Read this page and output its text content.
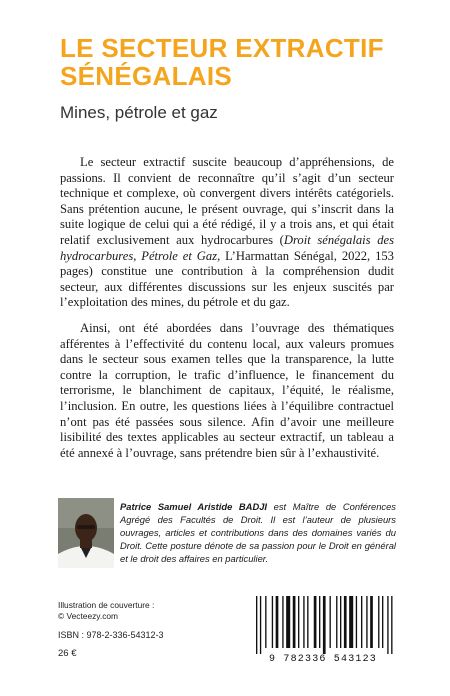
LE SECTEUR EXTRACTIF
SÉNÉGALAIS
Mines, pétrole et gaz

Le secteur extractif suscite beaucoup d’appréhensions, de passions. Il convient de reconnaître qu’il s’agit d’un secteur technique et complexe, où convergent divers intérêts catégoriels. Sans prétention aucune, le présent ouvrage, qui s’inscrit dans la suite logique de celui qui a été rédigé, il y a trois ans, et qui était relatif exclusivement aux hydrocarbures (Droit sénégalais des hydrocarbures, Pétrole et Gaz, L’Harmattan Sénégal, 2022, 153 pages) constitue une contribution à la compréhension dudit secteur, aux différentes discussions sur les enjeux suscités par l’exploitation des mines, du pétrole et du gaz.

Ainsi, ont été abordées dans l’ouvrage des thématiques afférentes à l’effectivité du contenu local, aux valeurs promues dans le secteur sous examen telles que la transparence, la lutte contre la corruption, le trafic d’influence, le financement du terrorisme, le blanchiment de capitaux, l’équité, le réalisme, l’inclusion. En outre, les questions liées à l’équilibre contractuel n’ont pas été passées sous silence. Afin d’avoir une meilleure lisibilité des textes applicables au secteur extractif, un tableau a été annexé à l’ouvrage, sans prétendre bien sûr à l’exhaustivité.

Patrice Samuel Aristide BADJI est Maître de Conférences Agrégé des Facultés de Droit. Il est l’auteur de plusieurs ouvrages, articles et contributions dans des domaines variés du Droit. Cette posture dénote de sa passion pour le Droit en général et le droit des affaires en particulier.

Illustration de couverture :
© Vecteezy.com
ISBN : 978-2-336-54312-3
26 €
9 782336 543123
